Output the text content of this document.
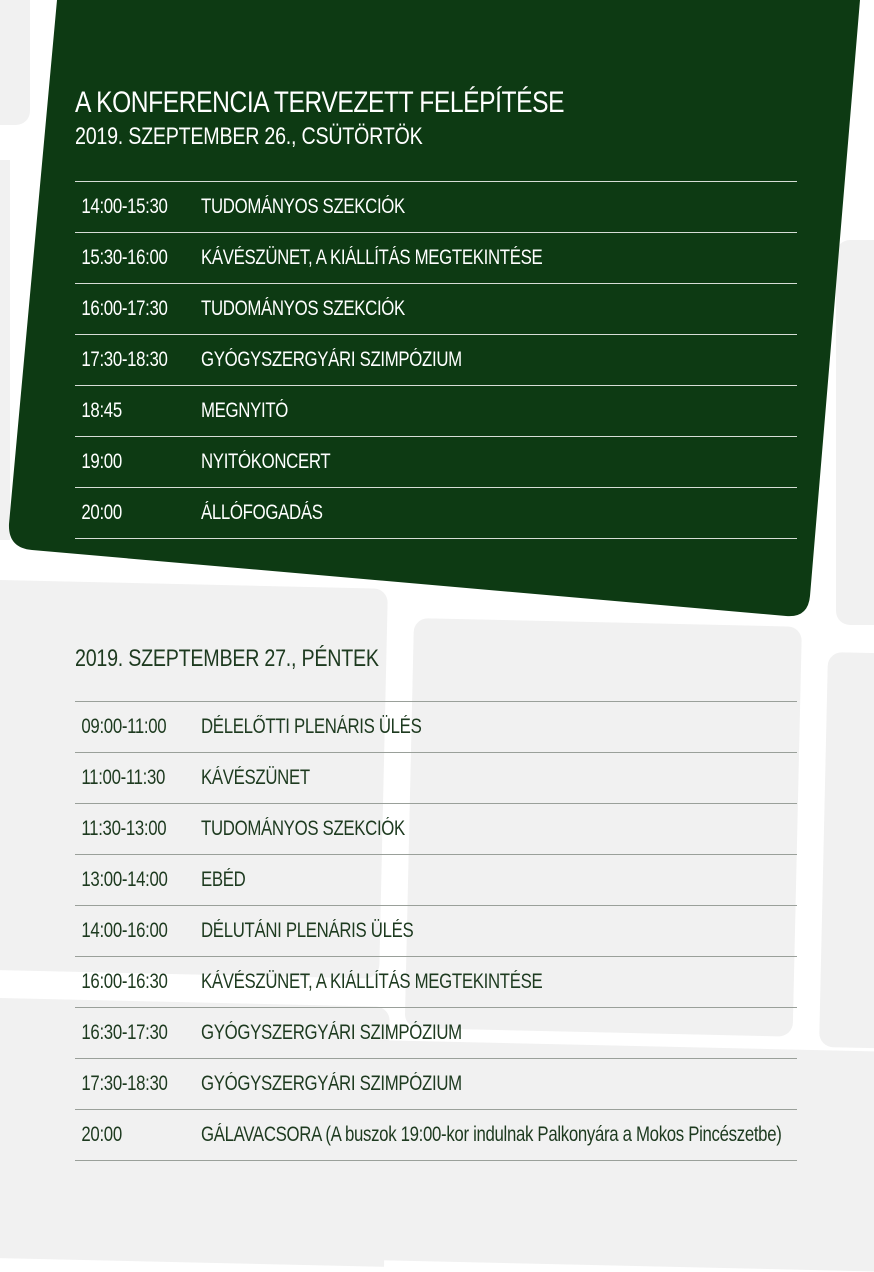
A KONFERENCIA TERVEZETT FELÉPÍTÉSE
2019. SZEPTEMBER 26., CSÜTÖRTÖK
14:00-15:30	TUDOMÁNYOS SZEKCIÓK
15:30-16:00	KÁVÉSZÜNET, A KIÁLLÍTÁS MEGTEKINTÉSE
16:00-17:30	TUDOMÁNYOS SZEKCIÓK
17:30-18:30	GYÓGYSZERGYÁRI SZIMPÓZIUM
18:45	MEGNYITÓ
19:00	NYITÓKONCERT
20:00	ÁLLÓFOGADÁS
2019. SZEPTEMBER 27., PÉNTEK
09:00-11:00	DÉLELŐTTI PLENÁRIS ÜLÉS
11:00-11:30	KÁVÉSZÜNET
11:30-13:00	TUDOMÁNYOS SZEKCIÓK
13:00-14:00	EBÉD
14:00-16:00	DÉLUTÁNI PLENÁRIS ÜLÉS
16:00-16:30	KÁVÉSZÜNET, A KIÁLLÍTÁS MEGTEKINTÉSE
16:30-17:30	GYÓGYSZERGYÁRI SZIMPÓZIUM
17:30-18:30	GYÓGYSZERGYÁRI SZIMPÓZIUM
20:00	GÁLAVACSORA (A buszok 19:00-kor indulnak Palkonyára a Mokos Pincészetbe)
